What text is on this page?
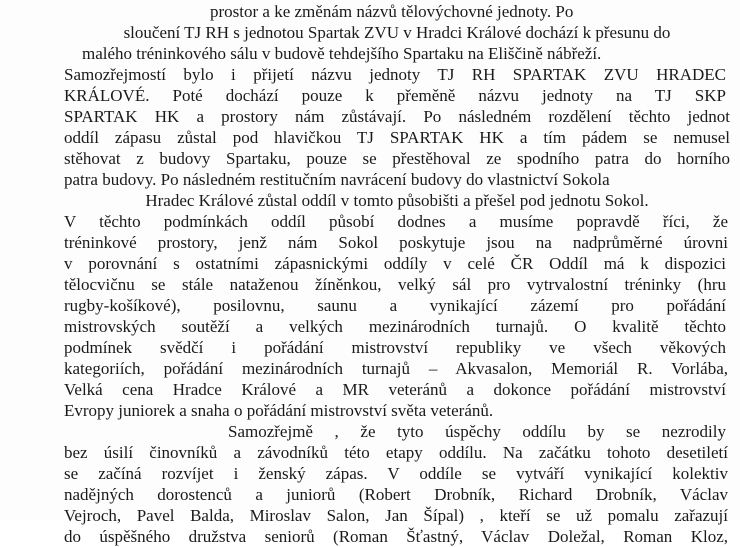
prostor a ke změnám názvů tělovýchovné jednoty. Po
sloučení TJ RH s jednotou Spartak ZVU v Hradci Králové dochází k přesunu do
malého tréninkového sálu v budově tehdejšího Spartaku na Eliščině nábřeží.
Samozřejmostí bylo i přijetí názvu jednoty TJ RH SPARTAK ZVU HRADEC
KRÁLOVÉ. Poté dochází pouze k přeměně názvu jednoty na TJ SKP
SPARTAK HK a prostory nám zůstávají. Po následném rozdělení těchto jednot
oddíl zápasu zůstal pod hlavičkou TJ SPARTAK HK a tím pádem se nemusel
stěhovat z budovy Spartaku, pouze se přestěhoval ze spodního patra do horního
patra budovy. Po následném restitučním navrácení budovy do vlastnictví Sokola
Hradec Králové zůstal oddíl v tomto působišti a přešel pod jednotu Sokol.
V těchto podmínkách oddíl působí dodnes a musíme popravdě říci, že
tréninkové prostory, jenž nám Sokol poskytuje jsou na nadprůměrné úrovni
v porovnání s ostatními zápasnickými oddíly v celé ČR Oddíl má k dispozici
tělocvičnu se stále nataženou žíněnkou, velký sál pro vytrvalostní tréninky (hru
rugby-košíkové), posilovnu, saunu a vynikající zázemí pro pořádání
mistrovských soutěží a velkých mezinárodních turnajů. O kvalitě těchto
podmínek svědčí i pořádání mistrovství republiky ve všech věkových
kategoriích, pořádání mezinárodních turnajů – Akvasalon, Memoriál R. Vorlába,
Velká cena Hradce Králové a MR veteránů a dokonce pořádání mistrovství
Evropy juniorek a snaha o pořádání mistrovství světa veteránů.
Samozřejmě , že tyto úspěchy oddílu by se nezrodily
bez úsilí činovníků a závodníků této etapy oddílu. Na začátku tohoto desetiletí
se začíná rozvíjet i ženský zápas. V oddíle se vytváří vynikající kolektiv
nadějných dorostenců a juniorů (Robert Drobník, Richard Drobník, Václav
Vejroch, Pavel Balda, Miroslav Salon, Jan Šípal) , kteří se už pomalu zařazují
do úspěšného družstva seniorů (Roman Šťastný, Václav Doležal, Roman Kloz,
